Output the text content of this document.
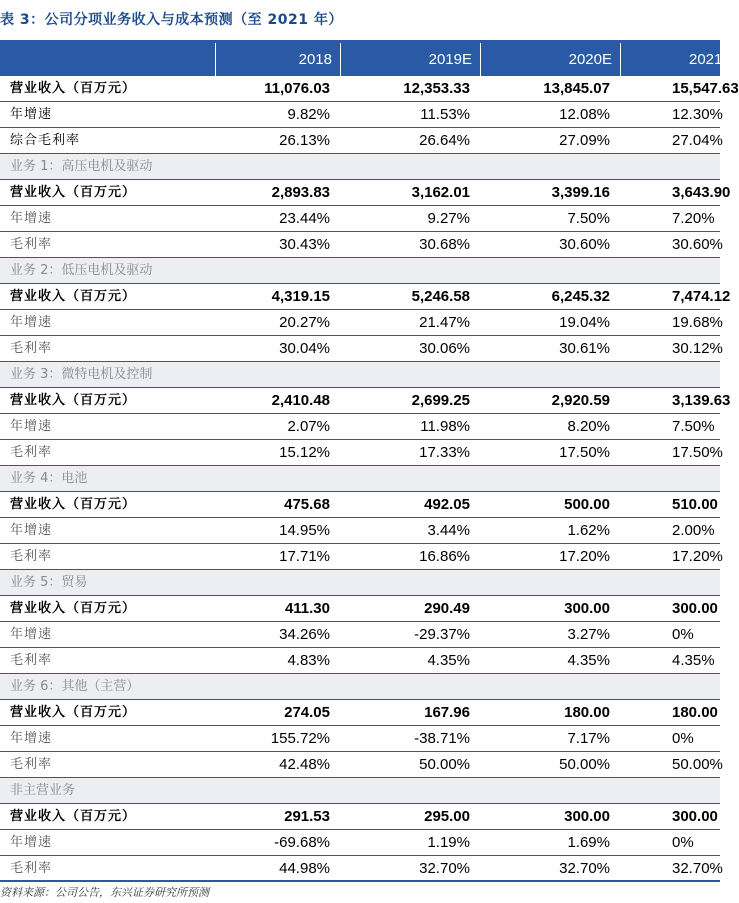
表 3：公司分项业务收入与成本预测（至 2021 年）
2018	2019E	2020E	2021
营业收入（百万元）	11,076.03	12,353.33	13,845.07	15,547.63
年增速	9.82%	11.53%	12.08%	12.30%
综合毛利率	26.13%	26.64%	27.09%	27.04%
业务 1：高压电机及驱动
营业收入（百万元）	2,893.83	3,162.01	3,399.16	3,643.90
年增速	23.44%	9.27%	7.50%	7.20%
毛利率	30.43%	30.68%	30.60%	30.60%
业务 2：低压电机及驱动
营业收入（百万元）	4,319.15	5,246.58	6,245.32	7,474.12
年增速	20.27%	21.47%	19.04%	19.68%
毛利率	30.04%	30.06%	30.61%	30.12%
业务 3：微特电机及控制
营业收入（百万元）	2,410.48	2,699.25	2,920.59	3,139.63
年增速	2.07%	11.98%	8.20%	7.50%
毛利率	15.12%	17.33%	17.50%	17.50%
业务 4：电池
营业收入（百万元）	475.68	492.05	500.00	510.00
年增速	14.95%	3.44%	1.62%	2.00%
毛利率	17.71%	16.86%	17.20%	17.20%
业务 5：贸易
营业收入（百万元）	411.30	290.49	300.00	300.00
年增速	34.26%	-29.37%	3.27%	0%
毛利率	4.83%	4.35%	4.35%	4.35%
业务 6：其他（主营）
营业收入（百万元）	274.05	167.96	180.00	180.00
年增速	155.72%	-38.71%	7.17%	0%
毛利率	42.48%	50.00%	50.00%	50.00%
非主营业务
营业收入（百万元）	291.53	295.00	300.00	300.00
年增速	-69.68%	1.19%	1.69%	0%
毛利率	44.98%	32.70%	32.70%	32.70%
资料来源：公司公告，东兴证券研究所预测
